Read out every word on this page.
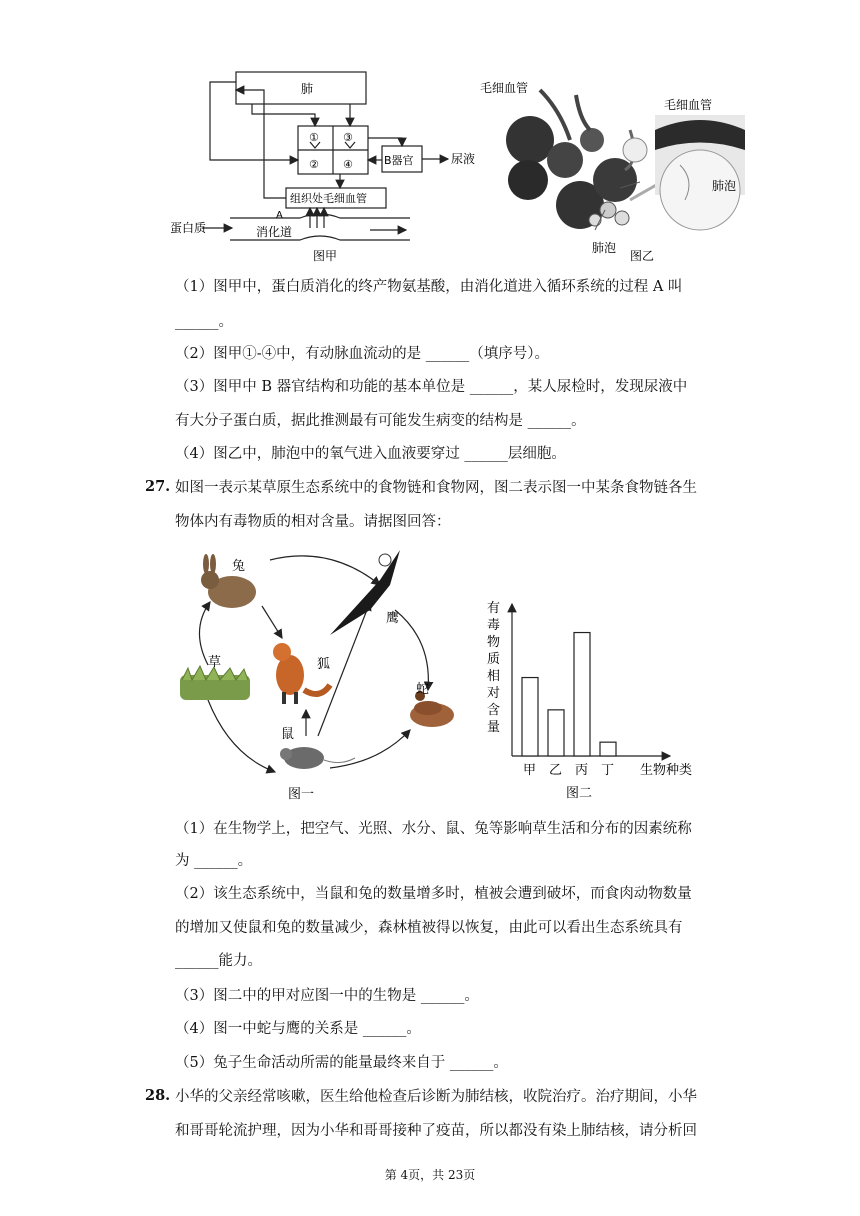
肺
①
②
③
④	B器官	尿液
组织处毛细血管
A
蛋白质	消化道
图甲
毛细血管
肺泡
毛细血管
肺泡
图乙
（1）图甲中，蛋白质消化的终产物氨基酸，由消化道进入循环系统的过程 A 叫
______。
（2）图甲①-④中，有动脉血流动的是 ______（填序号）。
（3）图甲中 B 器官结构和功能的基本单位是 ______，某人尿检时，发现尿液中
有大分子蛋白质，据此推测最有可能发生病变的结构是 ______。
（4）图乙中，肺泡中的氧气进入血液要穿过 ______层细胞。
27. 如图一表示某草原生态系统中的食物链和食物网，图二表示图一中某条食物链各生
物体内有毒物质的相对含量。请据图回答：
兔
鹰
草	狐
蛇
鼠
图一
有
毒
物
质
相
对
含
量
甲 乙 丙 丁 生物种类
图二
（1）在生物学上，把空气、光照、水分、鼠、兔等影响草生活和分布的因素统称
为 ______。
（2）该生态系统中，当鼠和兔的数量增多时，植被会遭到破坏，而食肉动物数量
的增加又使鼠和兔的数量减少，森林植被得以恢复，由此可以看出生态系统具有
______能力。
（3）图二中的甲对应图一中的生物是 ______。
（4）图一中蛇与鹰的关系是 ______。
（5）兔子生命活动所需的能量最终来自于 ______。
28. 小华的父亲经常咳嗽，医生给他检查后诊断为肺结核，收院治疗。治疗期间，小华
和哥哥轮流护理，因为小华和哥哥接种了疫苗，所以都没有染上肺结核，请分析回
第 4页，共 23页
